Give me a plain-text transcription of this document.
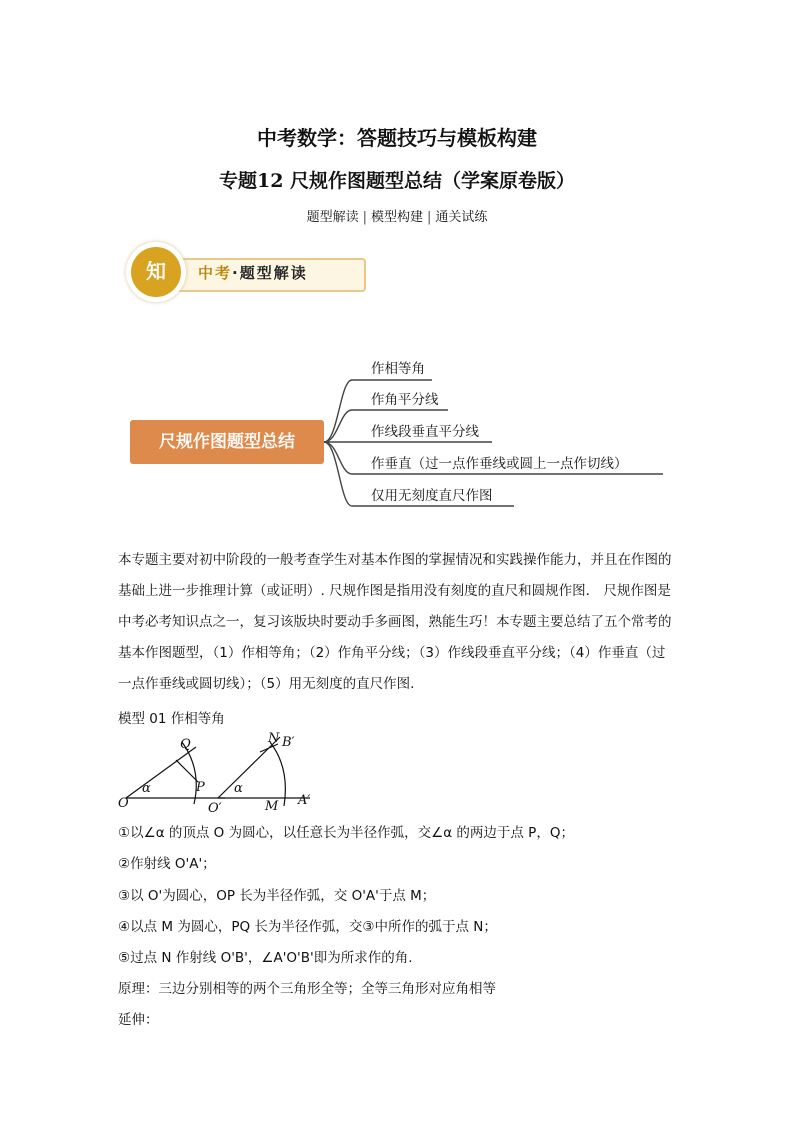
中考数学：答题技巧与模板构建
专题12 尺规作图题型总结（学案原卷版）
题型解读 | 模型构建 | 通关试练
中考·题型解读
知
尺规作图题型总结
作相等角
作角平分线
作线段垂直平分线
作垂直（过一点作垂线或圆上一点作切线）
仅用无刻度直尺作图
本专题主要对初中阶段的一般考查学生对基本作图的掌握情况和实践操作能力，并且在作图的基础上进一步推理计算（或证明）. 尺规作图是指用没有刻度的直尺和圆规作图． 尺规作图是中考必考知识点之一，复习该版块时要动手多画图，熟能生巧！本专题主要总结了五个常考的基本作图题型，（1）作相等角；（2）作角平分线；（3）作线段垂直平分线；（4）作垂直（过一点作垂线或圆切线）；（5）用无刻度的直尺作图.
模型 01 作相等角
O
P
Q
α
O′
A′
B′
M
N
α
①以∠α 的顶点 O 为圆心，以任意长为半径作弧，交∠α 的两边于点 P，Q；
②作射线 O'A'；
③以 O'为圆心，OP 长为半径作弧，交 O'A'于点 M；
④以点 M 为圆心，PQ 长为半径作弧，交③中所作的弧于点 N；
⑤过点 N 作射线 O'B'，∠A'O'B'即为所求作的角.
原理：三边分别相等的两个三角形全等；全等三角形对应角相等
延伸：
